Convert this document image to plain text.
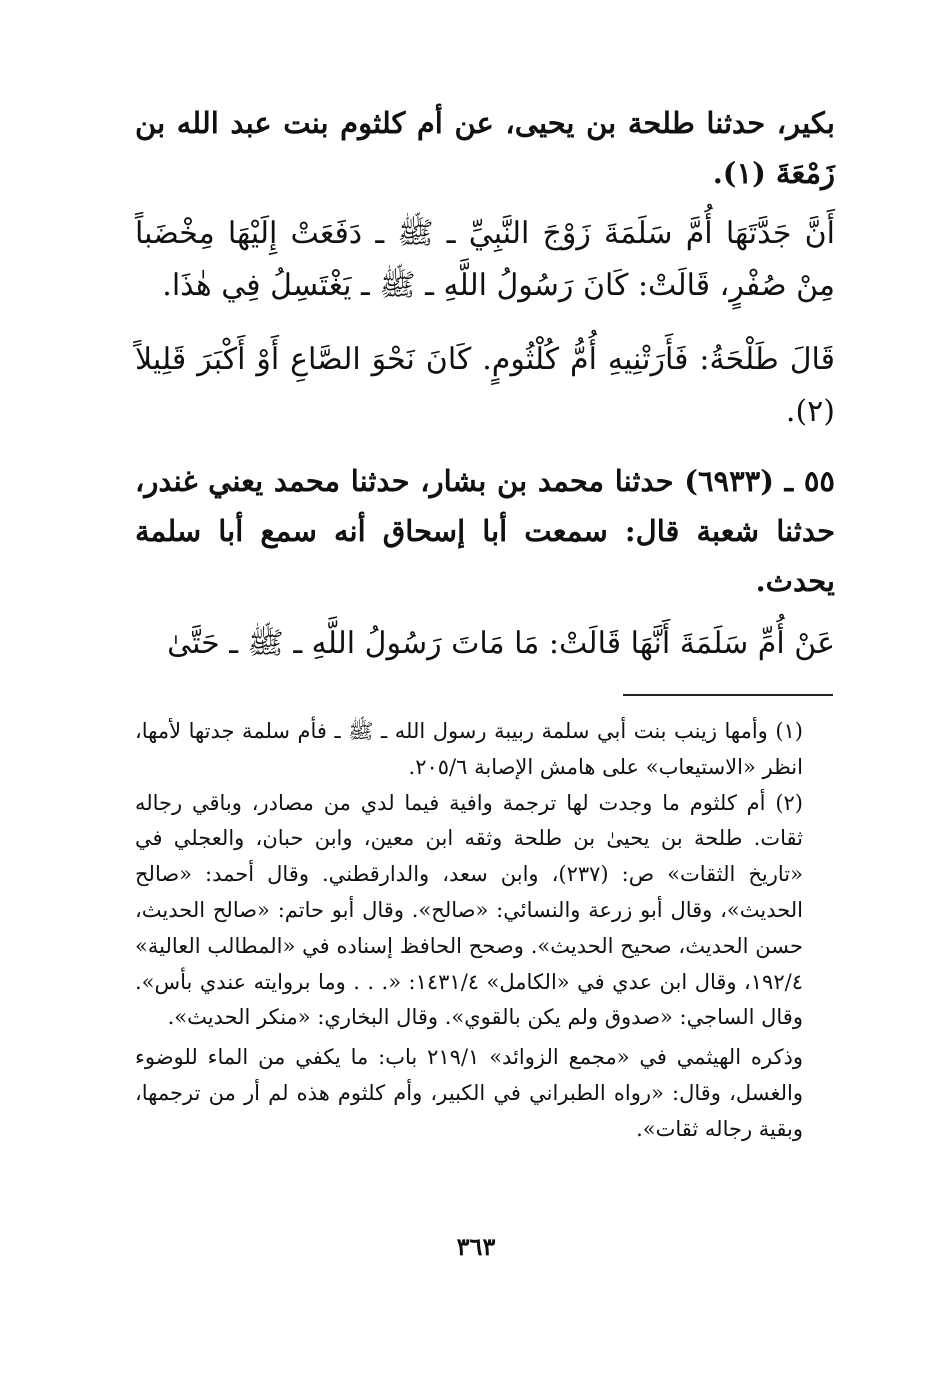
بكير، حدثنا طلحة بن يحيى، عن أم كلثوم بنت عبد الله بن زَمْعَةَ (١).

أَنَّ جَدَّتَهَا أُمَّ سَلَمَةَ زَوْجَ النَّبِيِّ ـ ﷺ ـ دَفَعَتْ إِلَيْهَا مِخْضَباً مِنْ صُفْرٍ، قَالَتْ: كَانَ رَسُولُ اللَّهِ ـ ﷺ ـ يَغْتَسِلُ فِي هٰذَا.

قَالَ طَلْحَةُ: فَأَرَتْنِيهِ أُمُّ كُلْثُومٍ. كَانَ نَحْوَ الصَّاعِ أَوْ أَكْبَرَ قَلِيلاً (٢).

٥٥ ـ (٦٩٣٣) حدثنا محمد بن بشار، حدثنا محمد يعني غندر، حدثنا شعبة قال: سمعت أبا إسحاق أنه سمع أبا سلمة يحدث.

عَنْ أُمِّ سَلَمَةَ أَنَّهَا قَالَتْ: مَا مَاتَ رَسُولُ اللَّهِ ـ ﷺ ـ حَتَّىٰ

(١) وأمها زينب بنت أبي سلمة ربيبة رسول الله ـ ﷺ ـ فأم سلمة جدتها لأمها، انظر «الاستيعاب» على هامش الإصابة ٢٠٥/٦.

(٢) أم كلثوم ما وجدت لها ترجمة وافية فيما لدي من مصادر، وباقي رجاله ثقات. طلحة بن يحيىٰ بن طلحة وثقه ابن معين، وابن حبان، والعجلي في «تاريخ الثقات» ص: (٢٣٧)، وابن سعد، والدارقطني. وقال أحمد: «صالح الحديث»، وقال أبو زرعة والنسائي: «صالح». وقال أبو حاتم: «صالح الحديث، حسن الحديث، صحيح الحديث». وصحح الحافظ إسناده في «المطالب العالية» ١٩٢/٤، وقال ابن عدي في «الكامل» ١٤٣١/٤: «. . . وما بروايته عندي بأس». وقال الساجي: «صدوق ولم يكن بالقوي». وقال البخاري: «منكر الحديث».

وذكره الهيثمي في «مجمع الزوائد» ٢١٩/١ باب: ما يكفي من الماء للوضوء والغسل، وقال: «رواه الطبراني في الكبير، وأم كلثوم هذه لم أر من ترجمها، وبقية رجاله ثقات».

٣٦٣
